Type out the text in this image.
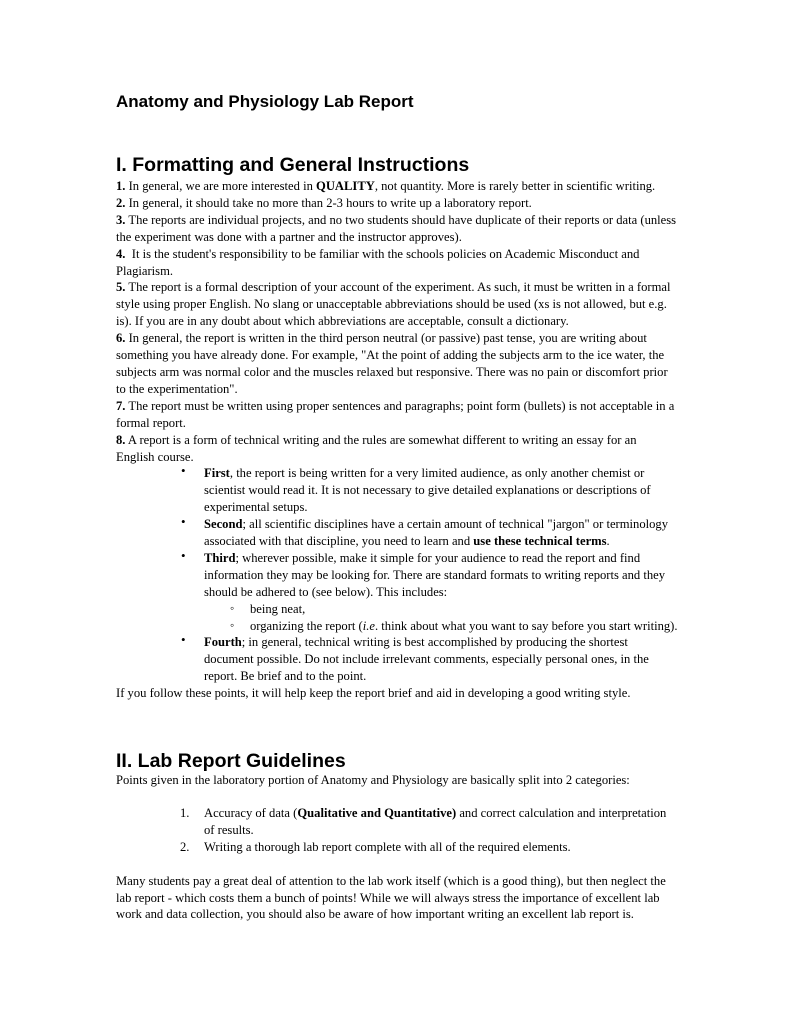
Anatomy and Physiology Lab Report
I. Formatting and General Instructions

1. In general, we are more interested in QUALITY, not quantity. More is rarely better in scientific writing.

2. In general, it should take no more than 2-3 hours to write up a laboratory report.

3. The reports are individual projects, and no two students should have duplicate of their reports or data (unless the experiment was done with a partner and the instructor approves).

4.  It is the student's responsibility to be familiar with the schools policies on Academic Misconduct and Plagiarism.

5. The report is a formal description of your account of the experiment. As such, it must be written in a formal style using proper English. No slang or unacceptable abbreviations should be used (xs is not allowed, but e.g. is). If you are in any doubt about which abbreviations are acceptable, consult a dictionary.

6. In general, the report is written in the third person neutral (or passive) past tense, you are writing about something you have already done. For example, "At the point of adding the subjects arm to the ice water, the subjects arm was normal color and the muscles relaxed but responsive. There was no pain or discomfort prior to the experimentation".

7. The report must be written using proper sentences and paragraphs; point form (bullets) is not acceptable in a formal report.

8. A report is a form of technical writing and the rules are somewhat different to writing an essay for an English course.

• First, the report is being written for a very limited audience, as only another chemist or scientist would read it. It is not necessary to give detailed explanations or descriptions of experimental setups.
• Second; all scientific disciplines have a certain amount of technical "jargon" or terminology associated with that discipline, you need to learn and use these technical terms.
• Third; wherever possible, make it simple for your audience to read the report and find information they may be looking for. There are standard formats to writing reports and they should be adhered to (see below). This includes:
◦ being neat,
◦ organizing the report (i.e. think about what you want to say before you start writing).
• Fourth; in general, technical writing is best accomplished by producing the shortest document possible. Do not include irrelevant comments, especially personal ones, in the report. Be brief and to the point.

If you follow these points, it will help keep the report brief and aid in developing a good writing style.

II. Lab Report Guidelines

Points given in the laboratory portion of Anatomy and Physiology are basically split into 2 categories:

1. Accuracy of data (Qualitative and Quantitative) and correct calculation and interpretation of results.
2. Writing a thorough lab report complete with all of the required elements.

Many students pay a great deal of attention to the lab work itself (which is a good thing), but then neglect the lab report - which costs them a bunch of points! While we will always stress the importance of excellent lab work and data collection, you should also be aware of how important writing an excellent lab report is.
